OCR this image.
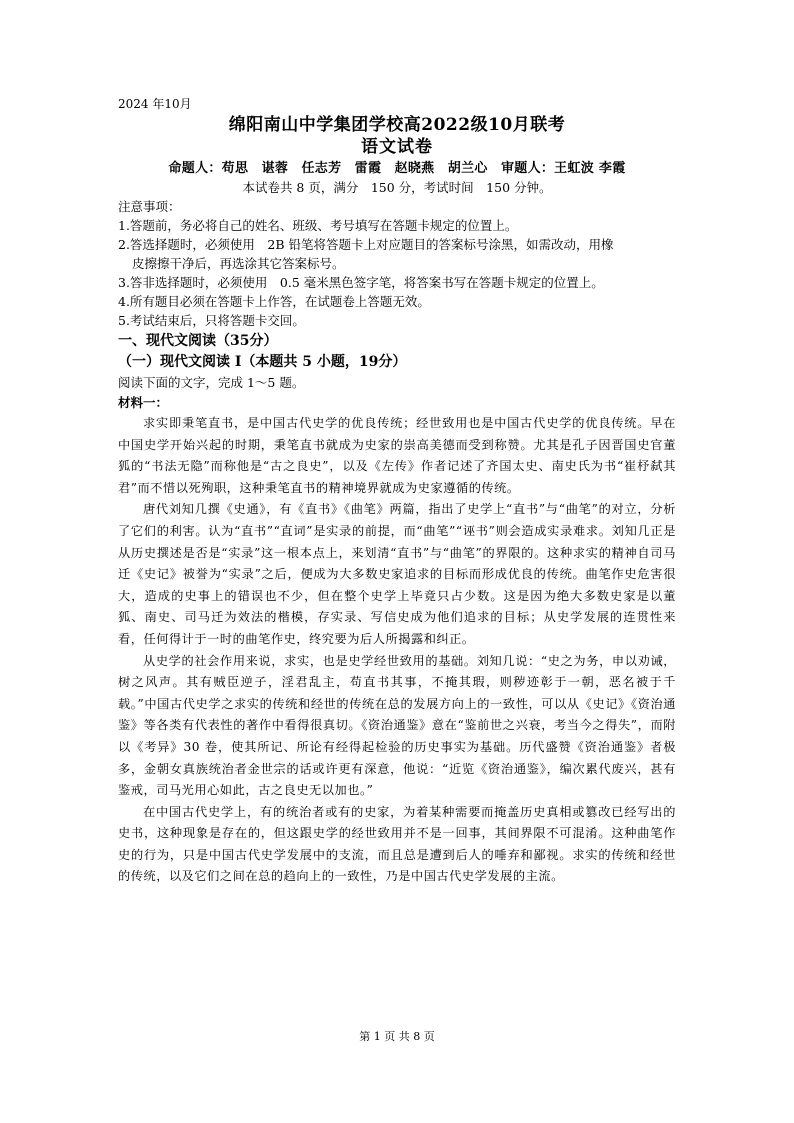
2024 年10月
绵阳南山中学集团学校高2022级10月联考
语文试卷
命题人：苟思　谌蓉　任志芳　雷霞　赵晓燕　胡兰心　审题人：王虹波 李霞
本试卷共 8 页，满分　150 分，考试时间　150 分钟。
注意事项：
1.答题前，务必将自己的姓名、班级、考号填写在答题卡规定的位置上。
2.答选择题时，必须使用　2B 铅笔将答题卡上对应题目的答案标号涂黑，如需改动，用橡
皮擦擦干净后，再选涂其它答案标号。
3.答非选择题时，必须使用　0.5 毫米黑色签字笔，将答案书写在答题卡规定的位置上。
4.所有题目必须在答题卡上作答，在试题卷上答题无效。
5.考试结束后，只将答题卡交回。
一、现代文阅读（35分）
（一）现代文阅读 I（本题共 5 小题，19分）
阅读下面的文字，完成 1～5 题。
材料一：

求实即秉笔直书，是中国古代史学的优良传统；经世致用也是中国古代史学的优良传统。早在中国史学开始兴起的时期，秉笔直书就成为史家的崇高美德而受到称赞。尤其是孔子因晋国史官董狐的“书法无隐”而称他是“古之良史”，以及《左传》作者记述了齐国太史、南史氏为书“崔杼弑其君”而不惜以死殉职，这种秉笔直书的精神境界就成为史家遵循的传统。

唐代刘知几撰《史通》，有《直书》《曲笔》两篇，指出了史学上“直书”与“曲笔”的对立，分析了它们的利害。认为“直书”“直词”是实录的前提，而“曲笔”“诬书”则会造成实录难求。刘知几正是从历史撰述是否是“实录”这一根本点上，来划清“直书”与“曲笔”的界限的。这种求实的精神自司马迁《史记》被誉为“实录”之后，便成为大多数史家追求的目标而形成优良的传统。曲笔作史危害很大，造成的史事上的错误也不少，但在整个史学上毕竟只占少数。这是因为绝大多数史家是以董狐、南史、司马迁为效法的楷模，存实录、写信史成为他们追求的目标；从史学发展的连贯性来看，任何得计于一时的曲笔作史，终究要为后人所揭露和纠正。

从史学的社会作用来说，求实，也是史学经世致用的基础。刘知几说：“史之为务，申以劝诫，树之风声。其有贼臣逆子，淫君乱主，苟直书其事，不掩其瑕，则秽迹彰于一朝，恶名被于千载。”中国古代史学之求实的传统和经世的传统在总的发展方向上的一致性，可以从《史记》《资治通鉴》等各类有代表性的著作中看得很真切。《资治通鉴》意在“鉴前世之兴衰，考当今之得失”，而附以《考异》30 卷，使其所记、所论有经得起检验的历史事实为基础。历代盛赞《资治通鉴》者极多，金朝女真族统治者金世宗的话或许更有深意，他说：“近览《资治通鉴》，编次累代废兴，甚有鉴戒，司马光用心如此，古之良史无以加也。”

在中国古代史学上，有的统治者或有的史家，为着某种需要而掩盖历史真相或篡改已经写出的史书，这种现象是存在的，但这跟史学的经世致用并不是一回事，其间界限不可混淆。这种曲笔作史的行为，只是中国古代史学发展中的支流，而且总是遭到后人的唾弃和鄙视。求实的传统和经世的传统，以及它们之间在总的趋向上的一致性，乃是中国古代史学发展的主流。

第 1 页 共 8 页
